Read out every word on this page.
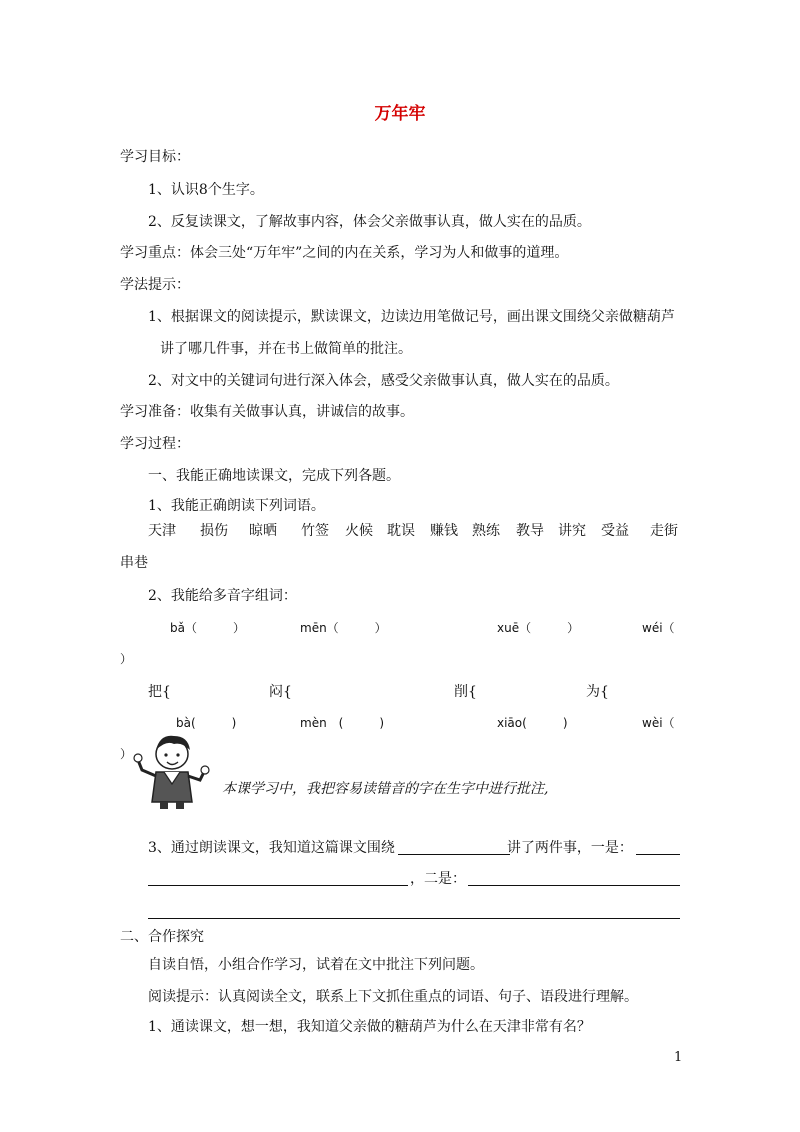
万年牢
学习目标：
1、认识8个生字。
2、反复读课文，了解故事内容，体会父亲做事认真，做人实在的品质。
学习重点：体会三处“万年牢”之间的内在关系，学习为人和做事的道理。
学法提示：
1、根据课文的阅读提示，默读课文，边读边用笔做记号，画出课文围绕父亲做糖葫芦
讲了哪几件事，并在书上做简单的批注。
2、对文中的关键词句进行深入体会，感受父亲做事认真，做人实在的品质。
学习准备：收集有关做事认真，讲诚信的故事。
学习过程：
一、我能正确地读课文，完成下列各题。
1、我能正确朗读下列词语。
天津 损伤 晾晒 竹签 火候 耽误 赚钱 熟练 教导 讲究 受益 走街
串巷
2、我能给多音字组词：
bǎ（　　　）	mēn（　　　）	xuē（　　　）	wéi（
）
把{	闷{	削{	为{
bà(　　　)	mèn　(　　　)	xiāo(　　　)	wèi（
）
本课学习中，我把容易读错音的字在生字中进行批注,
3、通过朗读课文，我知道这篇课文围绕	讲了两件事，一是：
，二是：
二、合作探究
自读自悟，小组合作学习，试着在文中批注下列问题。
阅读提示：认真阅读全文，联系上下文抓住重点的词语、句子、语段进行理解。
1、通读课文，想一想，我知道父亲做的糖葫芦为什么在天津非常有名？
1
